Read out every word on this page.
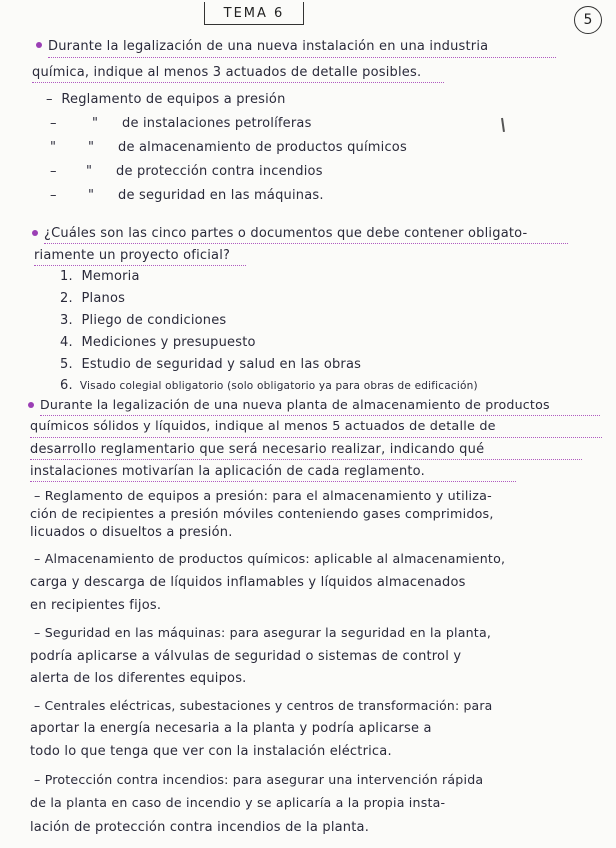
TEMA 6	5
Durante la legalización de una nueva instalación en una industria
química, indique al menos 3 actuados de detalle posibles.
– Reglamento de equipos a presión
–	" de instalaciones petrolíferas
" " de almacenamiento de productos químicos
– " de protección contra incendios
– " de seguridad en las máquinas.
¿Cuáles son las cinco partes o documentos que debe contener obligato-
riamente un proyecto oficial?
1. Memoria
2. Planos
3. Pliego de condiciones
4. Mediciones y presupuesto
5. Estudio de seguridad y salud en las obras
6. Visado colegial obligatorio (solo obligatorio ya para obras de edificación)
Durante la legalización de una nueva planta de almacenamiento de productos
químicos sólidos y líquidos, indique al menos 5 actuados de detalle de
desarrollo reglamentario que será necesario realizar, indicando qué
instalaciones motivarían la aplicación de cada reglamento.
– Reglamento de equipos a presión: para el almacenamiento y utiliza-
ción de recipientes a presión móviles conteniendo gases comprimidos,
licuados o disueltos a presión.
– Almacenamiento de productos químicos: aplicable al almacenamiento,
carga y descarga de líquidos inflamables y líquidos almacenados
en recipientes fijos.
– Seguridad en las máquinas: para asegurar la seguridad en la planta,
podría aplicarse a válvulas de seguridad o sistemas de control y
alerta de los diferentes equipos.
– Centrales eléctricas, subestaciones y centros de transformación: para
aportar la energía necesaria a la planta y podría aplicarse a
todo lo que tenga que ver con la instalación eléctrica.
– Protección contra incendios: para asegurar una intervención rápida
de la planta en caso de incendio y se aplicaría a la propia insta-
lación de protección contra incendios de la planta.
